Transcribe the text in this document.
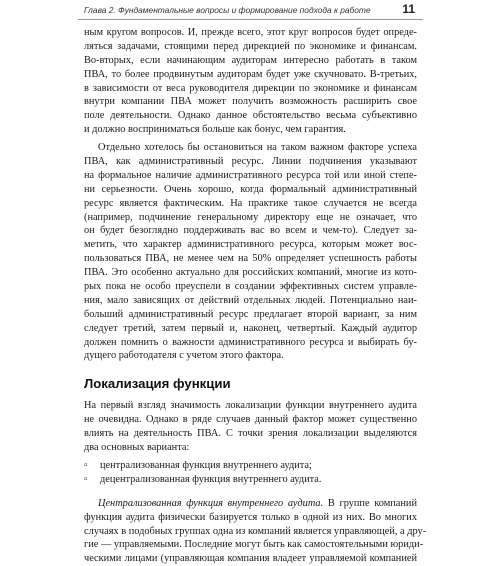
Глава 2. Фундаментальные вопросы и формирование подхода к работе	11
ным кругом вопросов. И, прежде всего, этот круг вопросов будет опреде-
ляться задачами, стоящими перед дирекцией по экономике и финансам.
Во-вторых, если начинающим аудиторам интересно работать в таком
ПВА, то более продвинутым аудиторам будет уже скучновато. В-третьих,
в зависимости от веса руководителя дирекции по экономике и финансам
внутри компании ПВА может получить возможность расширить свое
поле деятельности. Однако данное обстоятельство весьма субъективно
и должно восприниматься больше как бонус, чем гарантия.
Отдельно хотелось бы остановиться на таком важном факторе успеха
ПВА, как административный ресурс. Линии подчинения указывают
на формальное наличие административного ресурса той или иной степе-
ни серьезности. Очень хорошо, когда формальный административный
ресурс является фактическим. На практике такое случается не всегда
(например, подчинение генеральному директору еще не означает, что
он будет безоглядно поддерживать вас во всем и чем-то). Следует за-
метить, что характер административного ресурса, которым может вос-
пользоваться ПВА, не менее чем на 50% определяет успешность работы
ПВА. Это особенно актуально для российских компаний, многие из кото-
рых пока не особо преуспели в создании эффективных систем управле-
ния, мало зависящих от действий отдельных людей. Потенциально наи-
больший административный ресурс предлагает второй вариант, за ним
следует третий, затем первый и, наконец, четвертый. Каждый аудитор
должен помнить о важности административного ресурса и выбирать бу-
дущего работодателя с учетом этого фактора.
Локализация функции
На первый взгляд значимость локализации функции внутреннего аудита
не очевидна. Однако в ряде случаев данный фактор может существенно
влиять на деятельность ПВА. С точки зрения локализации выделяются
два основных варианта:
▫ централизованная функция внутреннего аудита;
▫ децентрализованная функция внутреннего аудита.
Централизованная функция внутреннего аудита. В группе компаний
функция аудита физически базируется только в одной из них. Во многих
случаях в подобных группах одна из компаний является управляющей, а дру-
гие — управляемыми. Последние могут быть как самостоятельными юриди-
ческими лицами (управляющая компания владеет управляемой компанией
